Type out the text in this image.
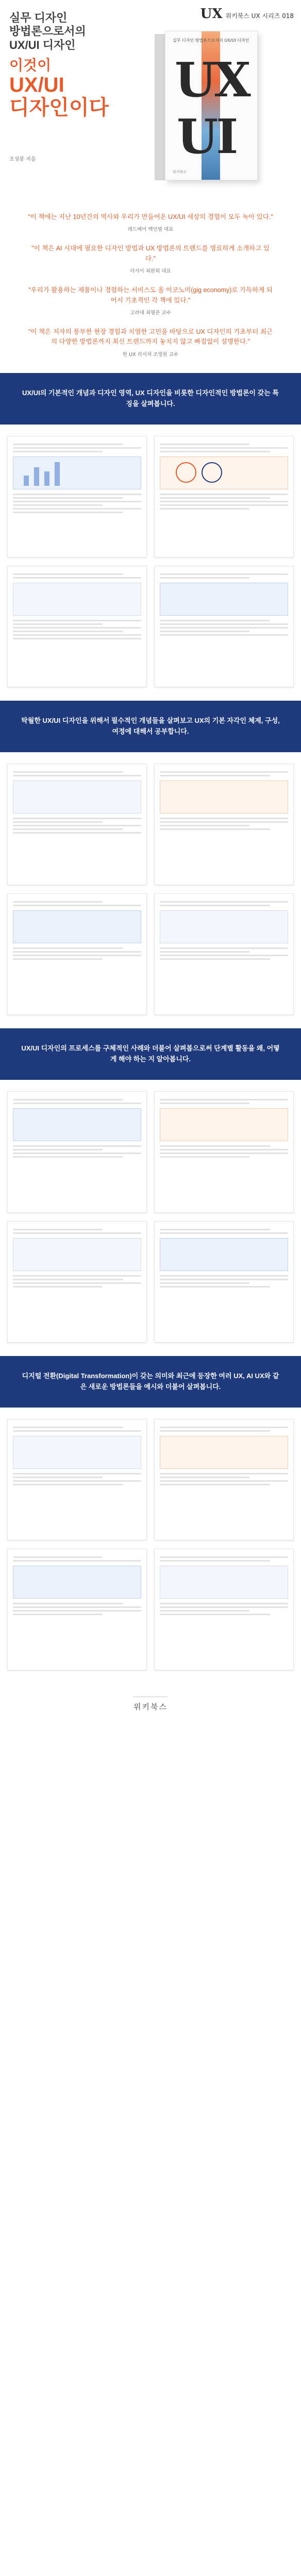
UX 위키북스 UX 시리즈 018
실무 디자인
방법론으로서의
UX/UI 디자인
이것이
UX/UI
디자인이다
조성봉 지음
실무 디자인 방법론으로서의 UX/UI 디자인
UX
UI
위키북스
"이 책에는 지난 10년간의 역사와 우리가 만들어온 UX/UI 세상의 경험이 모두 녹아 있다."
레드베어 백인범 대표
"이 책은 AI 시대에 필요한 디자인 방법과 UX 방법론의 트렌드를 명료하게 소개하고 있다."
더사이 최완희 대표
"우리가 활용하는 제품이나 경험하는 서비스도 올 이코노미(gig economy)로 가득하게 되어서 기초적인 각 책에 있다."
고려대 최형준 교수
"이 책은 저자의 풍부한 현장 경험과 치열한 고민을 바탕으로 UX 디자인의 기초부터 최근의 다양한 방법론까지 최신 트렌드까지 놓치지 않고 빠짐없이 설명한다."
한 UX 리서처 조영원 교수
UX/UI의 기본적인 개념과 디자인 영역, UX 디자인을 비롯한 디자인적인 방법론이 갖는 특징을 살펴봅니다.
탁월한 UX/UI 디자인을 위해서 필수적인 개념들을 살펴보고 UX의 기본 자각인 체제, 구성, 여정에 대해서 공부합니다.
UX/UI 디자인의 프로세스를 구체적인 사례와 더불어 살펴봅으로써 단계별 활동을 왜, 어떻게 해야 하는 지 알아봅니다.
디지털 전환(Digital Transformation)이 갖는 의미와 최근에 등장한 여러 UX, AI UX와 같은 새로운 방법론들을 예시와 더불어 살펴봅니다.
위키북스
